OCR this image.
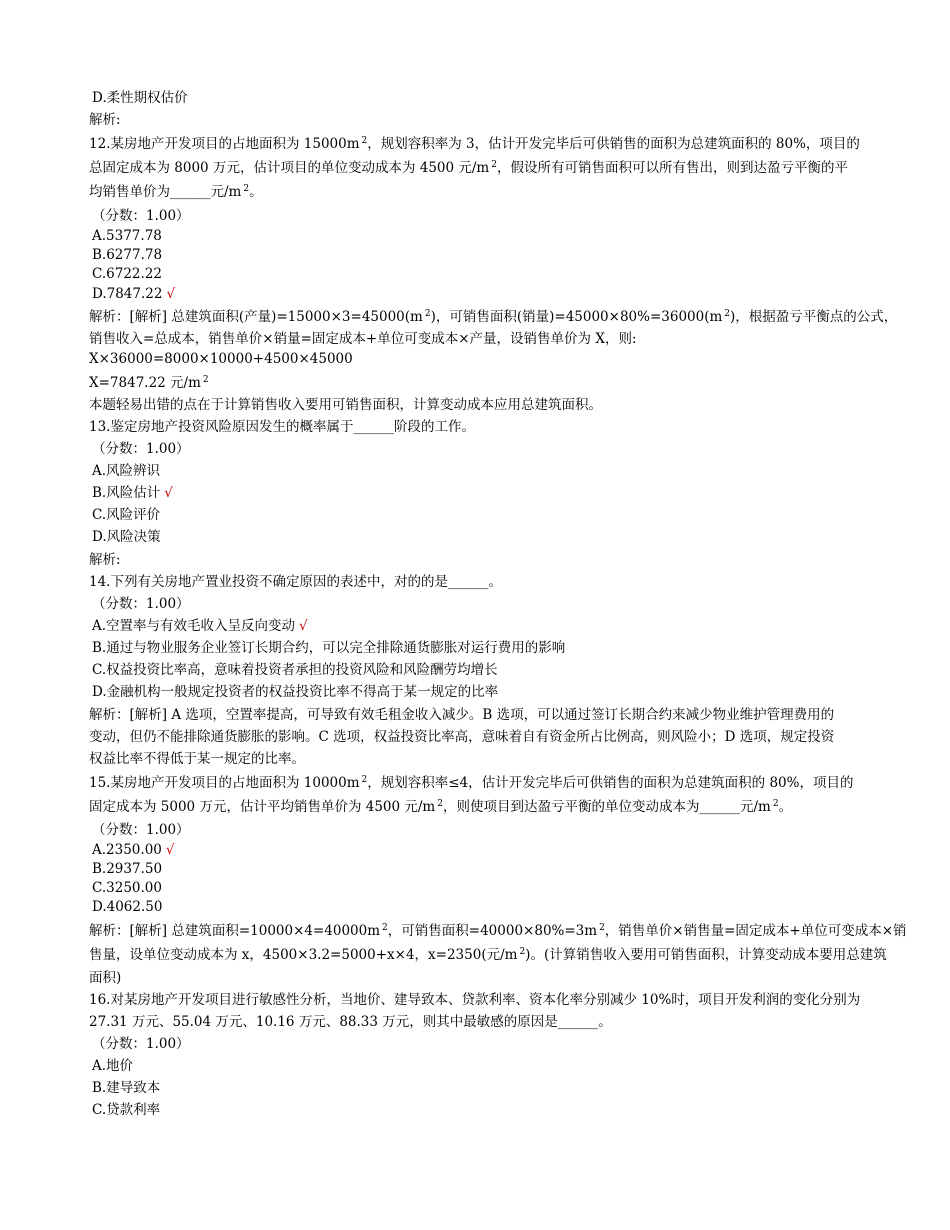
D.柔性期权估价
解析:
12.某房地产开发项目的占地面积为 15000m $^2$，规划容积率为 3，估计开发完毕后可供销售的面积为总建筑面积的 80%，项目的
总固定成本为 8000 万元，估计项目的单位变动成本为 4500 元/m $^2$，假设所有可销售面积可以所有售出，则到达盈亏平衡的平
均销售单价为______元/m $^2$。
（分数：1.00）
A.5377.78
B.6277.78
C.6722.22
D.7847.22 √
解析：[解析] 总建筑面积(产量)=15000×3=45000(m $^2$)，可销售面积(销量)=45000×80%=36000(m $^2$)，根据盈亏平衡点的公式，
销售收入=总成本，销售单价×销量=固定成本+单位可变成本×产量，设销售单价为 X，则:
X×36000=8000×10000+4500×45000
X=7847.22 元/m $^2$
本题轻易出错的点在于计算销售收入要用可销售面积，计算变动成本应用总建筑面积。
13.鉴定房地产投资风险原因发生的概率属于______阶段的工作。
（分数：1.00）
A.风险辨识
B.风险估计 √
C.风险评价
D.风险决策
解析:
14.下列有关房地产置业投资不确定原因的表述中，对的的是______。
（分数：1.00）
A.空置率与有效毛收入呈反向变动 √
B.通过与物业服务企业签订长期合约，可以完全排除通货膨胀对运行费用的影响
C.权益投资比率高，意味着投资者承担的投资风险和风险酬劳均增长
D.金融机构一般规定投资者的权益投资比率不得高于某一规定的比率
解析：[解析] A 选项，空置率提高，可导致有效毛租金收入减少。B 选项，可以通过签订长期合约来减少物业维护管理费用的
变动，但仍不能排除通货膨胀的影响。C 选项，权益投资比率高，意味着自有资金所占比例高，则风险小；D 选项，规定投资
权益比率不得低于某一规定的比率。
15.某房地产开发项目的占地面积为 10000m $^2$，规划容积率≤4，估计开发完毕后可供销售的面积为总建筑面积的 80%，项目的
固定成本为 5000 万元，估计平均销售单价为 4500 元/m $^2$，则使项目到达盈亏平衡的单位变动成本为______元/m $^2$。
（分数：1.00）
A.2350.00 √
B.2937.50
C.3250.00
D.4062.50
解析：[解析] 总建筑面积=10000×4=40000m $^2$，可销售面积=40000×80%=3m $^2$，销售单价×销售量=固定成本+单位可变成本×销
售量，设单位变动成本为 x，4500×3.2=5000+x×4，x=2350(元/m $^2$)。(计算销售收入要用可销售面积，计算变动成本要用总建筑
面积)
16.对某房地产开发项目进行敏感性分析，当地价、建导致本、贷款利率、资本化率分别减少 10%时，项目开发利润的变化分别为
27.31 万元、55.04 万元、10.16 万元、88.33 万元，则其中最敏感的原因是______。
（分数：1.00）
A.地价
B.建导致本
C.贷款利率
